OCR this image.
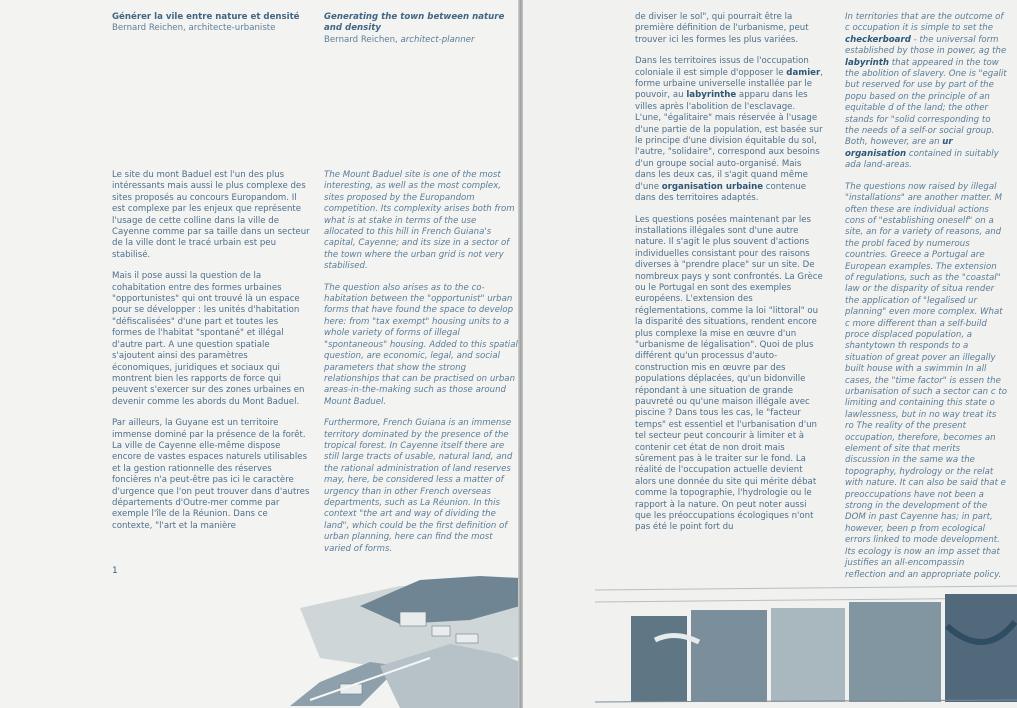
Générer la vile entre nature et densité
Bernard Reichen, architecte-urbaniste
Generating the town between nature
and density
Bernard Reichen, architect-planner

Le site du mont Baduel est l'un des plus intéressants mais aussi le plus complexe des sites proposés au concours Europandom. Il est complexe par les enjeux que représente l'usage de cette colline dans la ville de Cayenne comme par sa taille dans un secteur de la ville dont le tracé urbain est peu stabilisé.

Mais il pose aussi la question de la cohabitation entre des formes urbaines "opportunistes" qui ont trouvé là un espace pour se développer : les unités d'habitation "défiscalisées" d'une part et toutes les formes de l'habitat "spontané" et illégal d'autre part. A une question spatiale s'ajoutent ainsi des paramètres économiques, juridiques et sociaux qui montrent bien les rapports de force qui peuvent s'exercer sur des zones urbaines en devenir comme les abords du Mont Baduel.

Par ailleurs, la Guyane est un territoire immense dominé par la présence de la forêt. La ville de Cayenne elle-même dispose encore de vastes espaces naturels utilisables et la gestion rationnelle des réserves foncières n'a peut-être pas ici le caractère d'urgence que l'on peut trouver dans d'autres départements d'Outre-mer comme par exemple l'île de la Réunion. Dans ce contexte, "l'art et la manière

The Mount Baduel site is one of the most interesting, as well as the most complex, sites proposed by the Europandom competition. Its complexity arises both from what is at stake in terms of the use allocated to this hill in French Guiana's capital, Cayenne; and its size in a sector of the town where the urban grid is not very stabilised.

The question also arises as to the co-habitation between the "opportunist" urban forms that have found the space to develop here: from "tax exempt" housing units to a whole variety of forms of illegal "spontaneous" housing. Added to this spatial question, are economic, legal, and social parameters that show the strong relationships that can be practised on urban areas-in-the-making such as those around Mount Baduel.

Furthermore, French Guiana is an immense territory dominated by the presence of the tropical forest. In Cayenne itself there are still large tracts of usable, natural land, and the rational administration of land reserves may, here, be considered less a matter of urgency than in other French overseas departments, such as La Réunion. In this context "the art and way of dividing the land", which could be the first definition of urban planning, here can find the most varied of forms.

1

de diviser le sol", qui pourrait être la première définition de l'urbanisme, peut trouver ici les formes les plus variées.

Dans les territoires issus de l'occupation coloniale il est simple d'opposer le damier, forme urbaine universelle installée par le pouvoir, au labyrinthe apparu dans les villes après l'abolition de l'esclavage. L'une, "égalitaire" mais réservée à l'usage d'une partie de la population, est basée sur le principe d'une division équitable du sol, l'autre, "solidaire", correspond aux besoins d'un groupe social auto-organisé. Mais dans les deux cas, il s'agit quand même d'une organisation urbaine contenue dans des territoires adaptés.

Les questions posées maintenant par les installations illégales sont d'une autre nature. Il s'agit le plus souvent d'actions individuelles consistant pour des raisons diverses à "prendre place" sur un site. De nombreux pays y sont confrontés. La Grèce ou le Portugal en sont des exemples européens. L'extension des réglementations, comme la loi "littoral" ou la disparité des situations, rendent encore plus complexe la mise en œuvre d'un "urbanisme de légalisation". Quoi de plus différent qu'un processus d'auto-construction mis en œuvre par des populations déplacées, qu'un bidonville répondant à une situation de grande pauvreté ou qu'une maison illégale avec piscine ? Dans tous les cas, le "facteur temps" est essentiel et l'urbanisation d'un tel secteur peut concourir à limiter et à contenir cet état de non droit mais sûrement pas à le traiter sur le fond. La réalité de l'occupation actuelle devient alors une donnée du site qui mérite débat comme la topographie, l'hydrologie ou le rapport à la nature. On peut noter aussi que les préoccupations écologiques n'ont pas été le point fort du

In territories that are the outcome of c occupation it is simple to set the checkerboard - the universal form established by those in power, ag the labyrinth that appeared in the tow the abolition of slavery. One is "egalit but reserved for use by part of the popu based on the principle of an equitable d of the land; the other stands for "solid corresponding to the needs of a self-or social group. Both, however, are an ur organisation contained in suitably ada land-areas.

The questions now raised by illegal "installations" are another matter. M often these are individual actions cons of "establishing oneself" on a site, an for a variety of reasons, and the probl faced by numerous countries. Greece a Portugal are European examples. The extension of regulations, such as the "coastal" law or the disparity of situa render the application of "legalised ur planning" even more complex. What c more different than a self-build proce displaced population, a shantytown th responds to a situation of great pover an illegally built house with a swimmin In all cases, the "time factor" is essen the urbanisation of such a sector can c to limiting and containing this state o lawlessness, but in no way treat its ro The reality of the present occupation, therefore, becomes an element of site that merits discussion in the same wa the topography, hydrology or the relat with nature. It can also be said that e preoccupations have not been a strong in the development of the DOM in past Cayenne has; in part, however, been p from ecological errors linked to mode development. Its ecology is now an imp asset that justifies an all-encompassin reflection and an appropriate policy.
